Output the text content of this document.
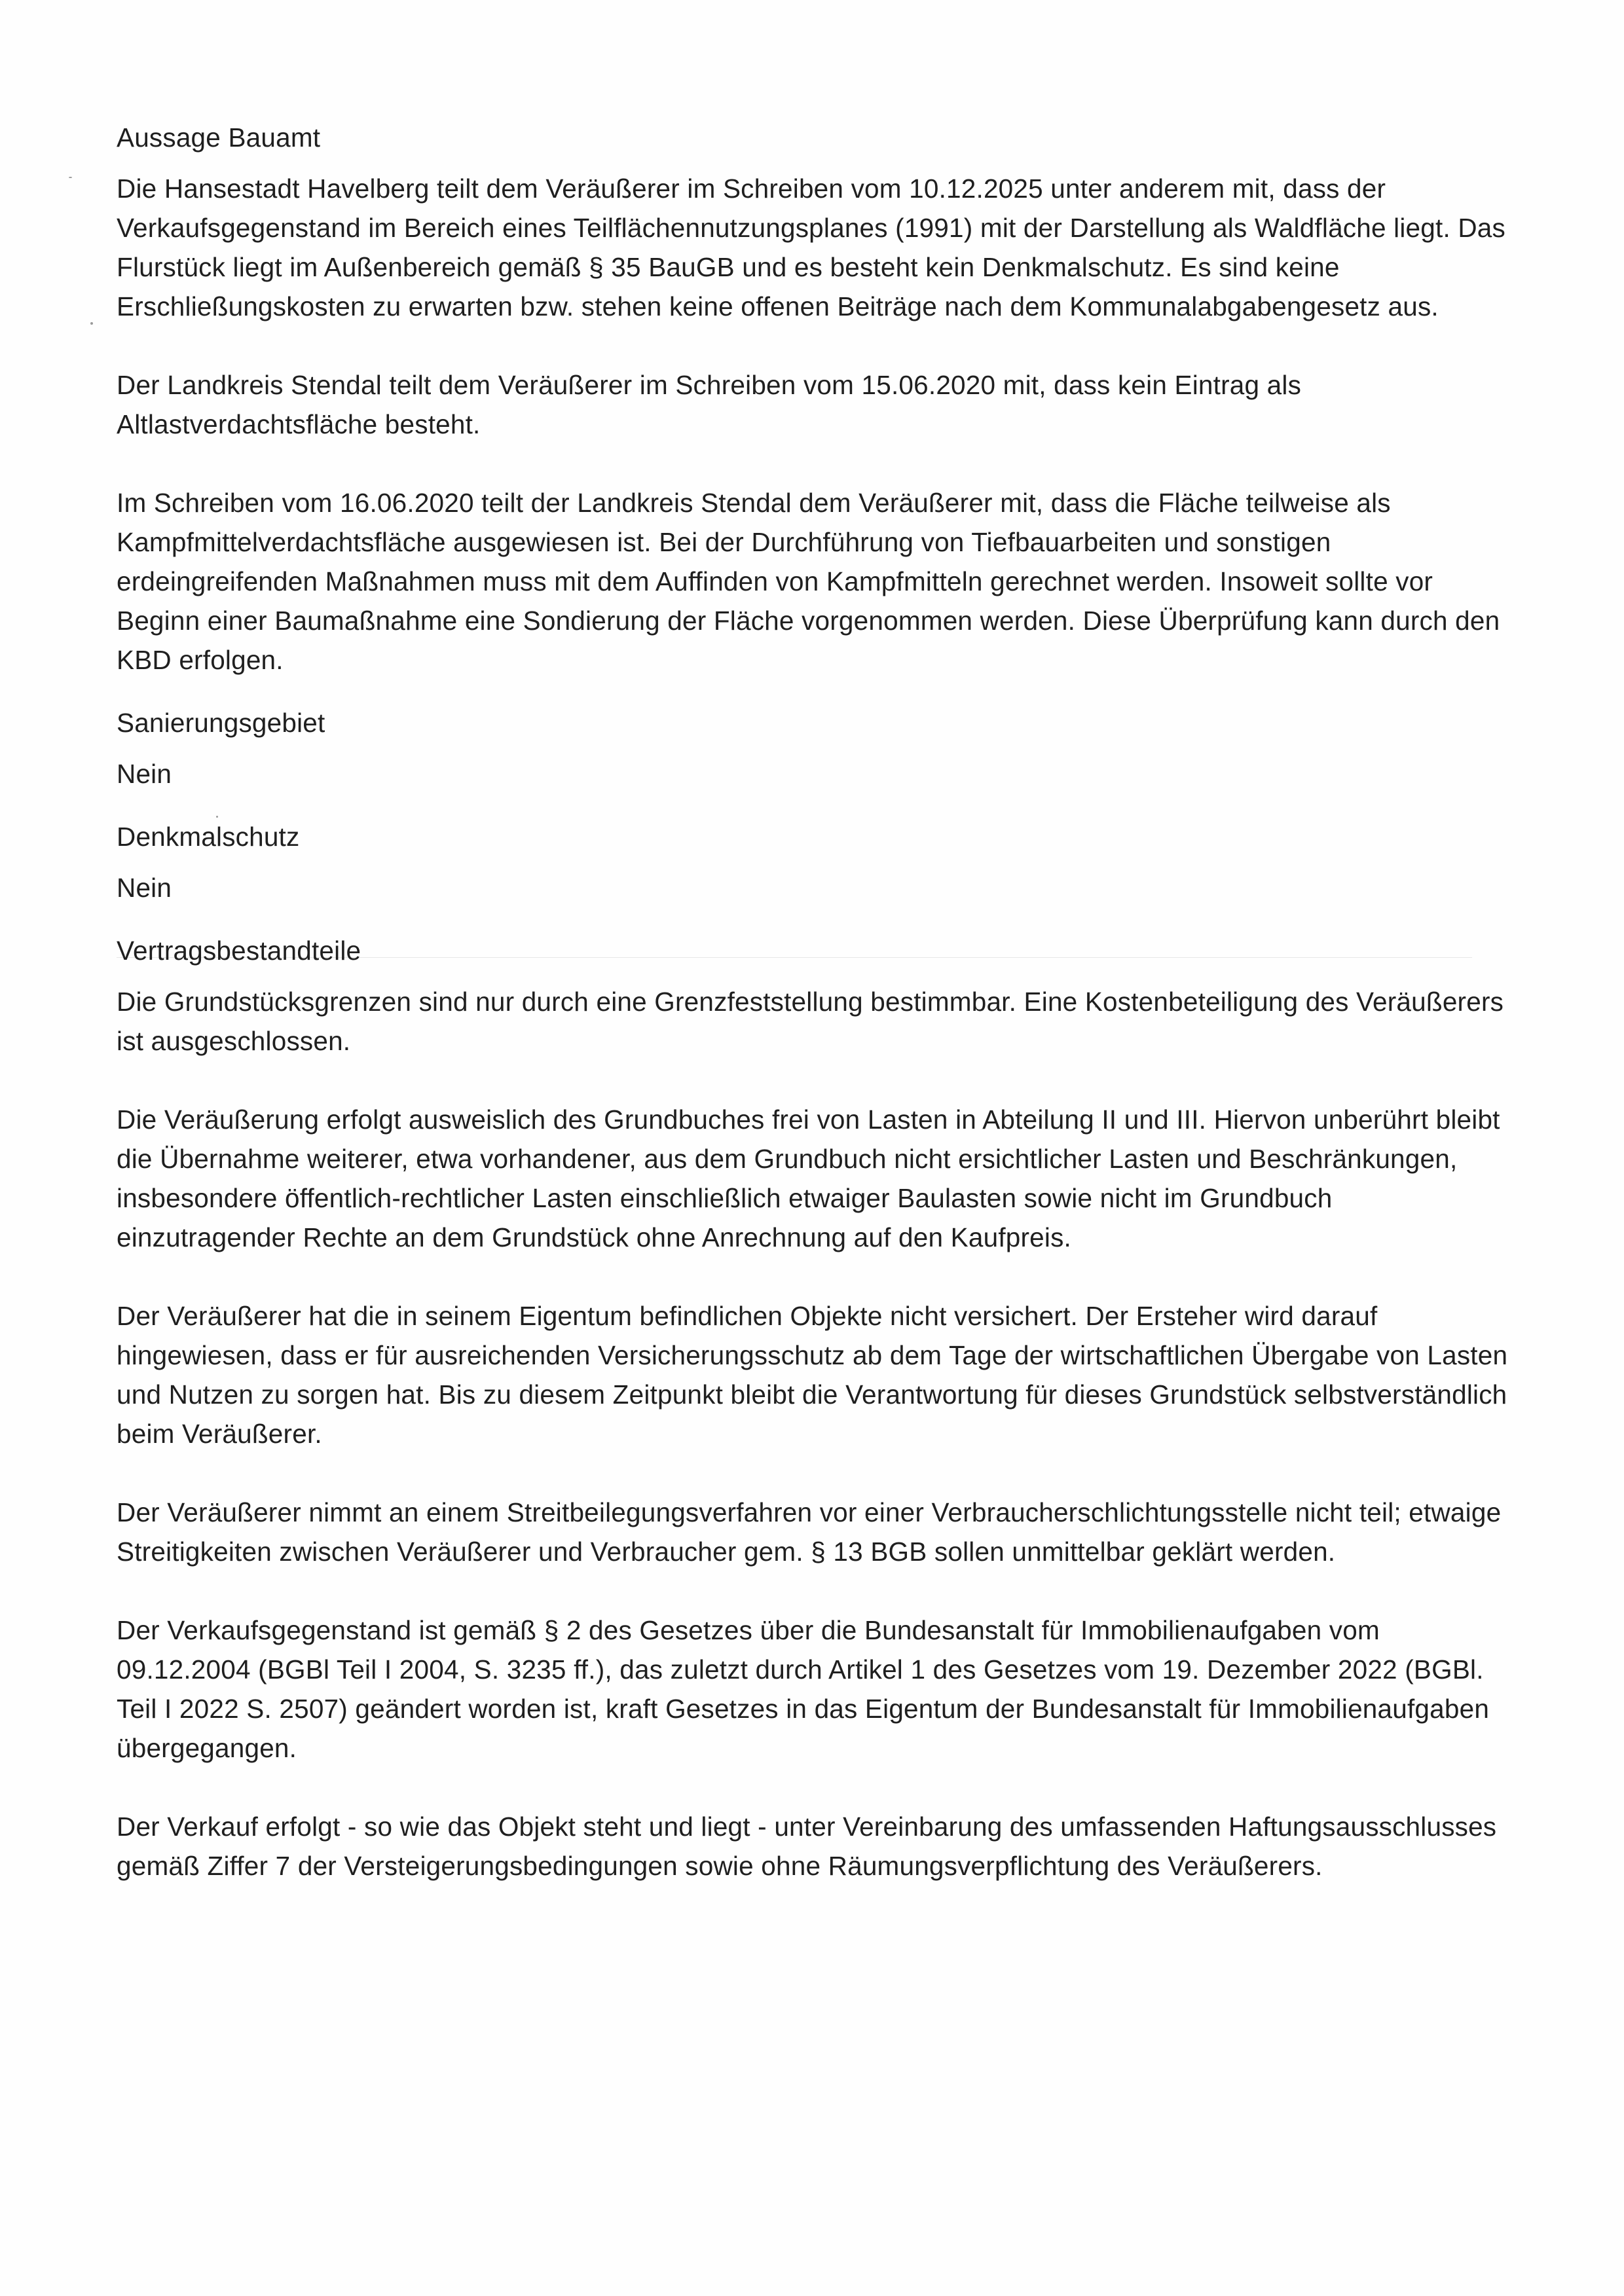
Aussage Bauamt

Die Hansestadt Havelberg teilt dem Veräußerer im Schreiben vom 10.12.2025 unter anderem mit, dass der Verkaufsgegenstand im Bereich eines Teilflächennutzungsplanes (1991) mit der Darstellung als Waldfläche liegt. Das Flurstück liegt im Außenbereich gemäß § 35 BauGB und es besteht kein Denkmalschutz. Es sind keine Erschließungskosten zu erwarten bzw. stehen keine offenen Beiträge nach dem Kommunalabgabengesetz aus.

Der Landkreis Stendal teilt dem Veräußerer im Schreiben vom 15.06.2020 mit, dass kein Eintrag als Altlastverdachtsfläche besteht.

Im Schreiben vom 16.06.2020 teilt der Landkreis Stendal dem Veräußerer mit, dass die Fläche teilweise als Kampfmittelverdachtsfläche ausgewiesen ist. Bei der Durchführung von Tiefbauarbeiten und sonstigen erdeingreifenden Maßnahmen muss mit dem Auffinden von Kampfmitteln gerechnet werden. Insoweit sollte vor Beginn einer Baumaßnahme eine Sondierung der Fläche vorgenommen werden. Diese Überprüfung kann durch den KBD erfolgen.

Sanierungsgebiet

Nein

Denkmalschutz

Nein

Vertragsbestandteile

Die Grundstücksgrenzen sind nur durch eine Grenzfeststellung bestimmbar. Eine Kostenbeteiligung des Veräußerers ist ausgeschlossen.

Die Veräußerung erfolgt ausweislich des Grundbuches frei von Lasten in Abteilung II und III. Hiervon unberührt bleibt die Übernahme weiterer, etwa vorhandener, aus dem Grundbuch nicht ersichtlicher Lasten und Beschränkungen, insbesondere öffentlich-rechtlicher Lasten einschließlich etwaiger Baulasten sowie nicht im Grundbuch einzutragender Rechte an dem Grundstück ohne Anrechnung auf den Kaufpreis.

Der Veräußerer hat die in seinem Eigentum befindlichen Objekte nicht versichert. Der Ersteher wird darauf hingewiesen, dass er für ausreichenden Versicherungsschutz ab dem Tage der wirtschaftlichen Übergabe von Lasten und Nutzen zu sorgen hat. Bis zu diesem Zeitpunkt bleibt die Verantwortung für dieses Grundstück selbstverständlich beim Veräußerer.

Der Veräußerer nimmt an einem Streitbeilegungsverfahren vor einer Verbraucherschlichtungsstelle nicht teil; etwaige Streitigkeiten zwischen Veräußerer und Verbraucher gem. § 13 BGB sollen unmittelbar geklärt werden.

Der Verkaufsgegenstand ist gemäß § 2 des Gesetzes über die Bundesanstalt für Immobilienaufgaben vom 09.12.2004 (BGBl Teil I 2004, S. 3235 ff.), das zuletzt durch Artikel 1 des Gesetzes vom 19. Dezember 2022 (BGBl. Teil I 2022 S. 2507) geändert worden ist, kraft Gesetzes in das Eigentum der Bundesanstalt für Immobilienaufgaben übergegangen.

Der Verkauf erfolgt - so wie das Objekt steht und liegt - unter Vereinbarung des umfassenden Haftungsausschlusses gemäß Ziffer 7 der Versteigerungsbedingungen sowie ohne Räumungsverpflichtung des Veräußerers.
